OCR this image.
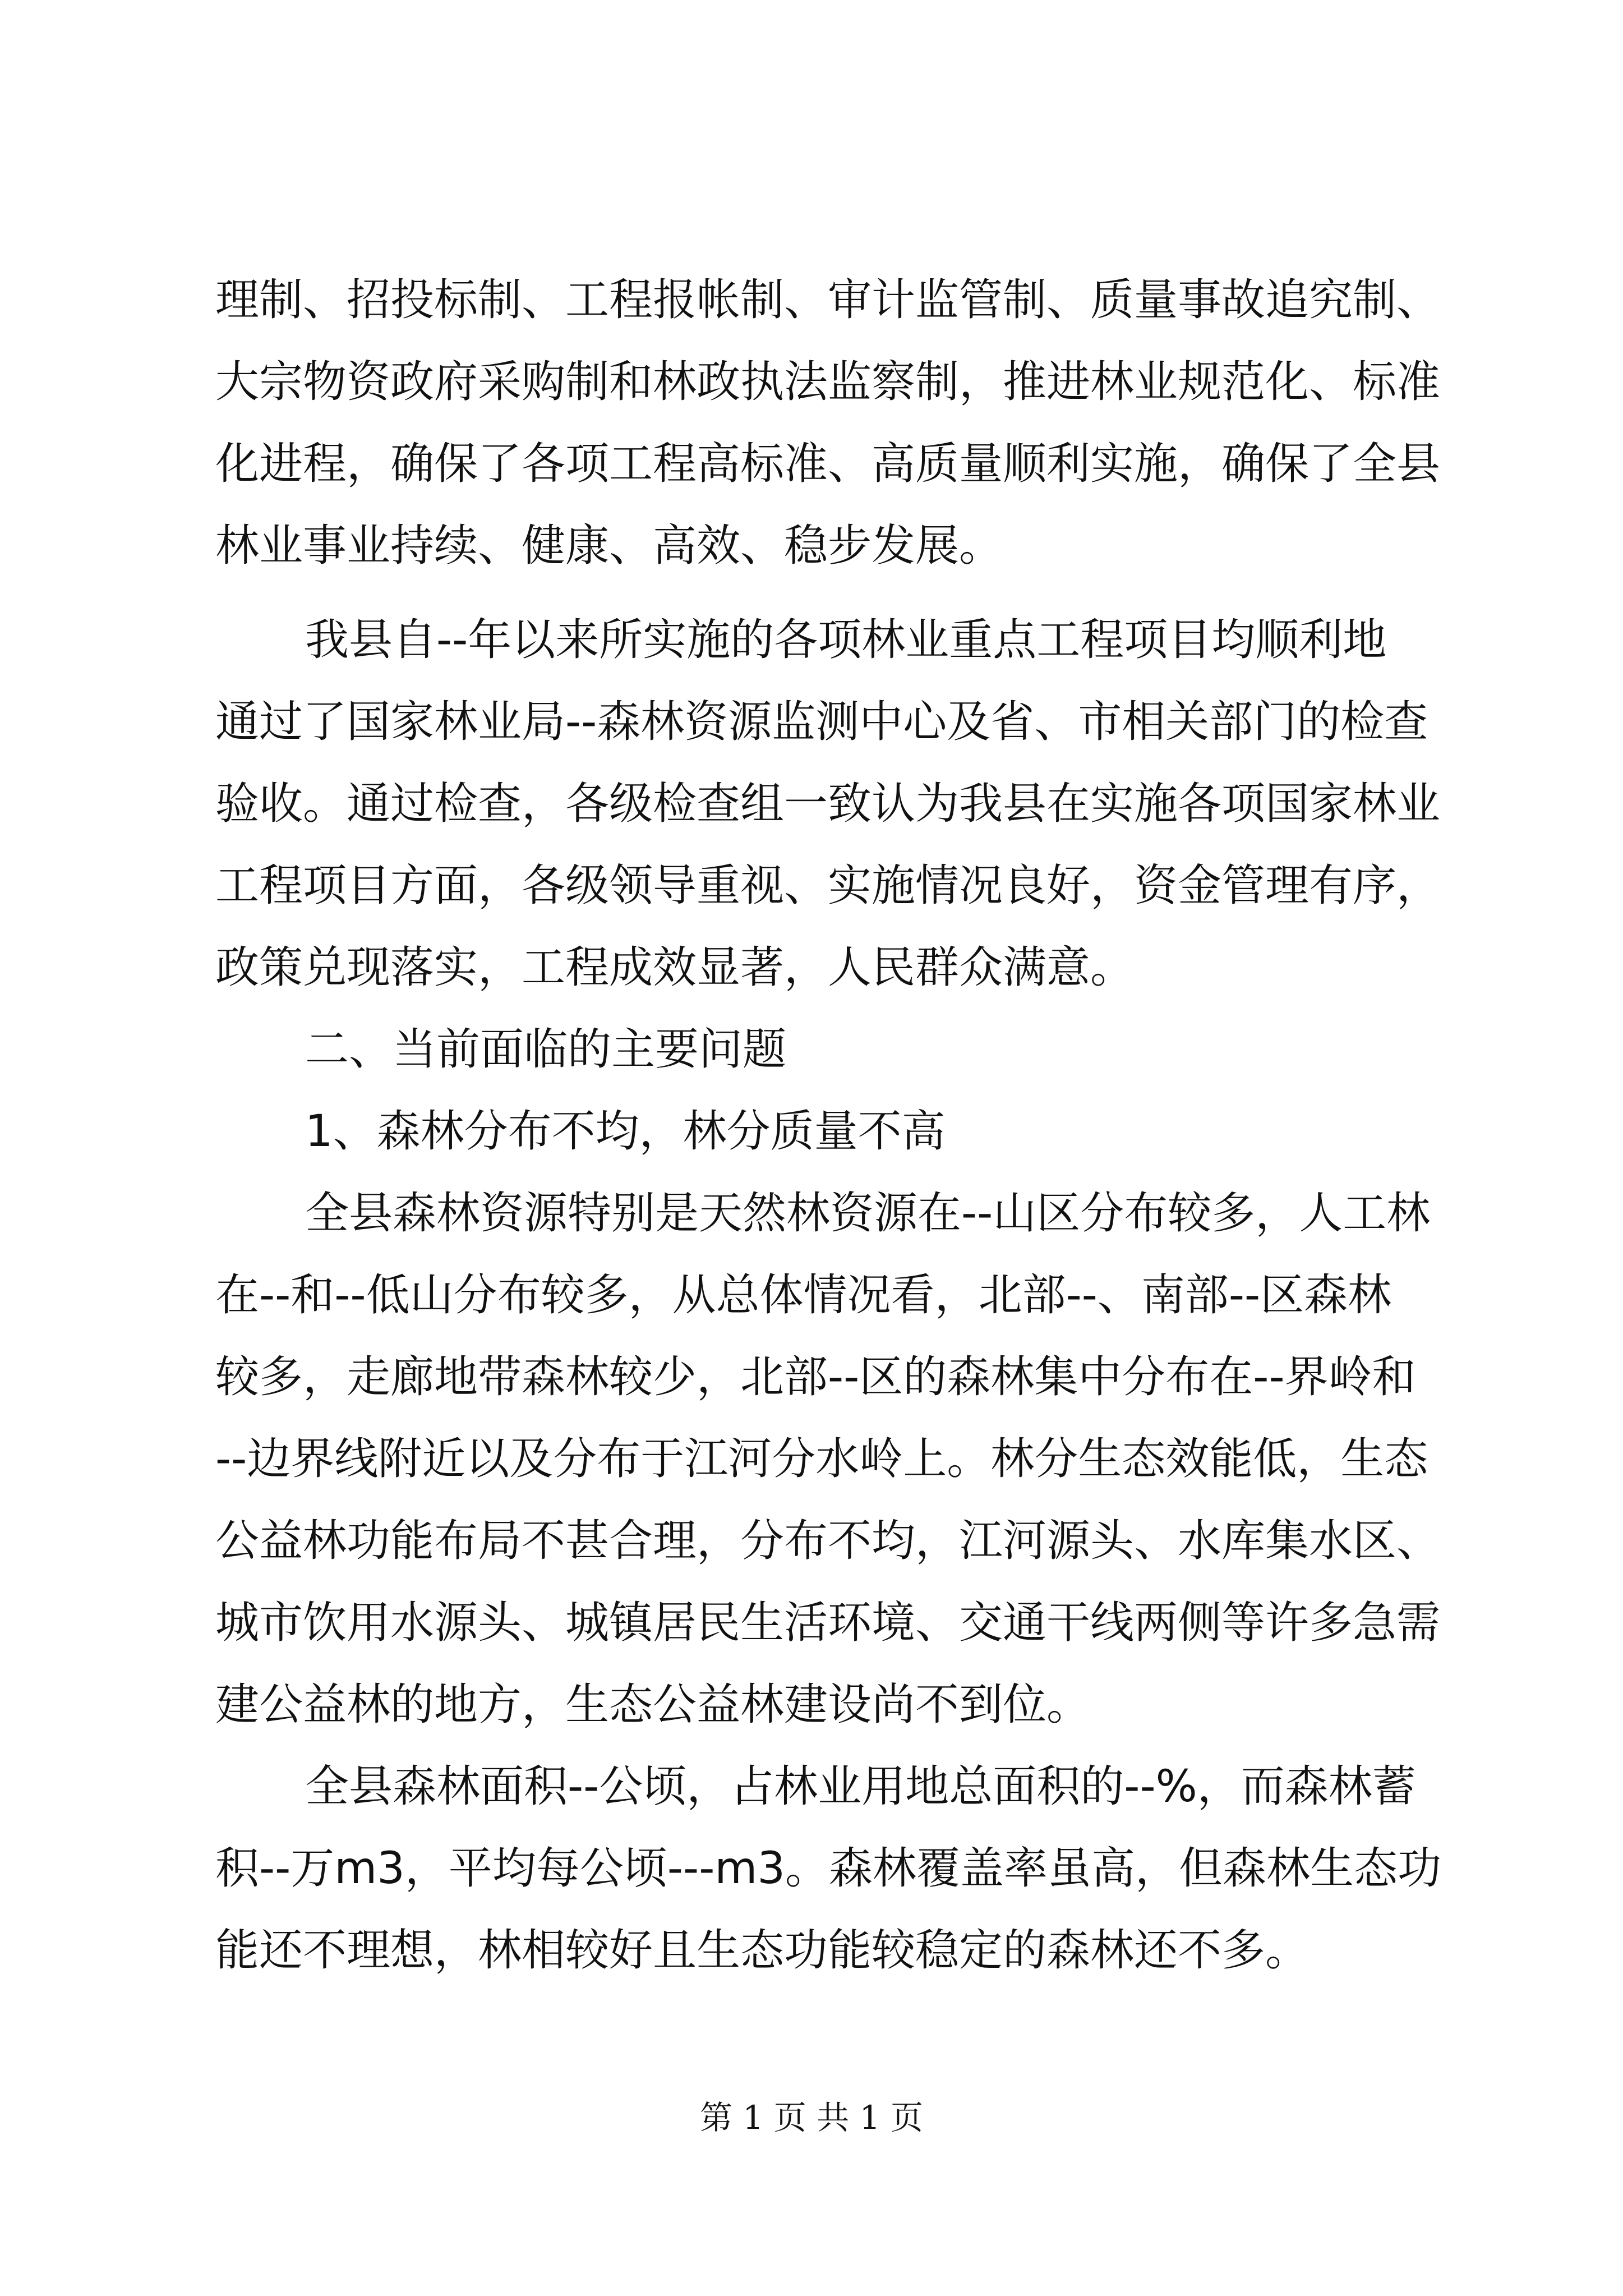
理制、招投标制、工程报帐制、审计监管制、质量事故追究制、
大宗物资政府采购制和林政执法监察制，推进林业规范化、标准
化进程，确保了各项工程高标准、高质量顺利实施，确保了全县
林业事业持续、健康、高效、稳步发展。
我县自--年以来所实施的各项林业重点工程项目均顺利地
通过了国家林业局--森林资源监测中心及省、市相关部门的检查
验收。通过检查，各级检查组一致认为我县在实施各项国家林业
工程项目方面，各级领导重视、实施情况良好，资金管理有序，
政策兑现落实，工程成效显著，人民群众满意。
二、当前面临的主要问题
1、森林分布不均，林分质量不高
全县森林资源特别是天然林资源在--山区分布较多，人工林
在--和--低山分布较多，从总体情况看，北部--、南部--区森林
较多，走廊地带森林较少，北部--区的森林集中分布在--界岭和
--边界线附近以及分布于江河分水岭上。林分生态效能低，生态
公益林功能布局不甚合理，分布不均，江河源头、水库集水区、
城市饮用水源头、城镇居民生活环境、交通干线两侧等许多急需
建公益林的地方，生态公益林建设尚不到位。
全县森林面积--公顷，占林业用地总面积的--%，而森林蓄
积--万m3，平均每公顷---m3。森林覆盖率虽高，但森林生态功
能还不理想，林相较好且生态功能较稳定的森林还不多。
第 1 页 共 1 页
